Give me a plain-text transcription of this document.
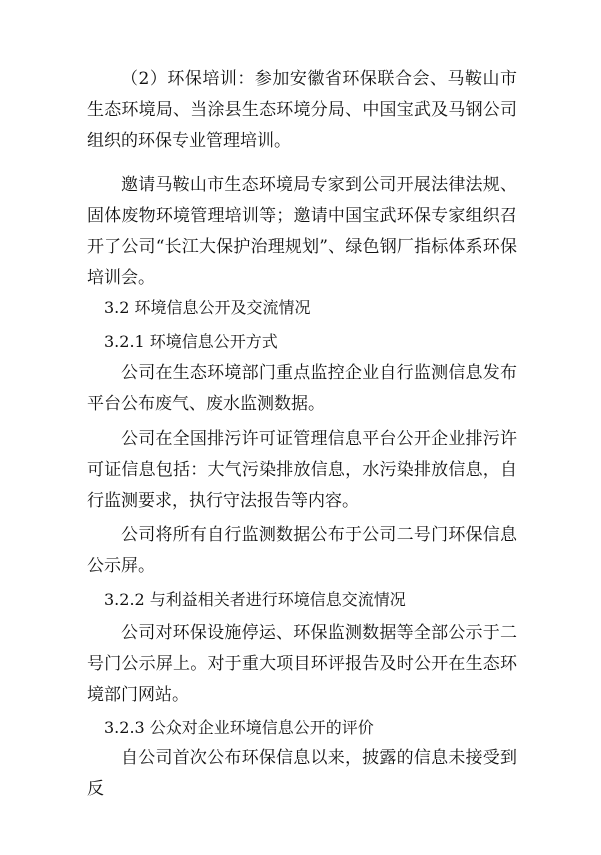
（2）环保培训：参加安徽省环保联合会、马鞍山市生态环境局、当涂县生态环境分局、中国宝武及马钢公司组织的环保专业管理培训。

邀请马鞍山市生态环境局专家到公司开展法律法规、固体废物环境管理培训等；邀请中国宝武环保专家组织召开了公司“长江大保护治理规划”、绿色钢厂指标体系环保培训会。

3.2 环境信息公开及交流情况

3.2.1 环境信息公开方式

公司在生态环境部门重点监控企业自行监测信息发布平台公布废气、废水监测数据。

公司在全国排污许可证管理信息平台公开企业排污许可证信息包括：大气污染排放信息，水污染排放信息，自行监测要求，执行守法报告等内容。

公司将所有自行监测数据公布于公司二号门环保信息公示屏。

3.2.2 与利益相关者进行环境信息交流情况

公司对环保设施停运、环保监测数据等全部公示于二号门公示屏上。对于重大项目环评报告及时公开在生态环境部门网站。

3.2.3 公众对企业环境信息公开的评价

自公司首次公布环保信息以来，披露的信息未接受到反
